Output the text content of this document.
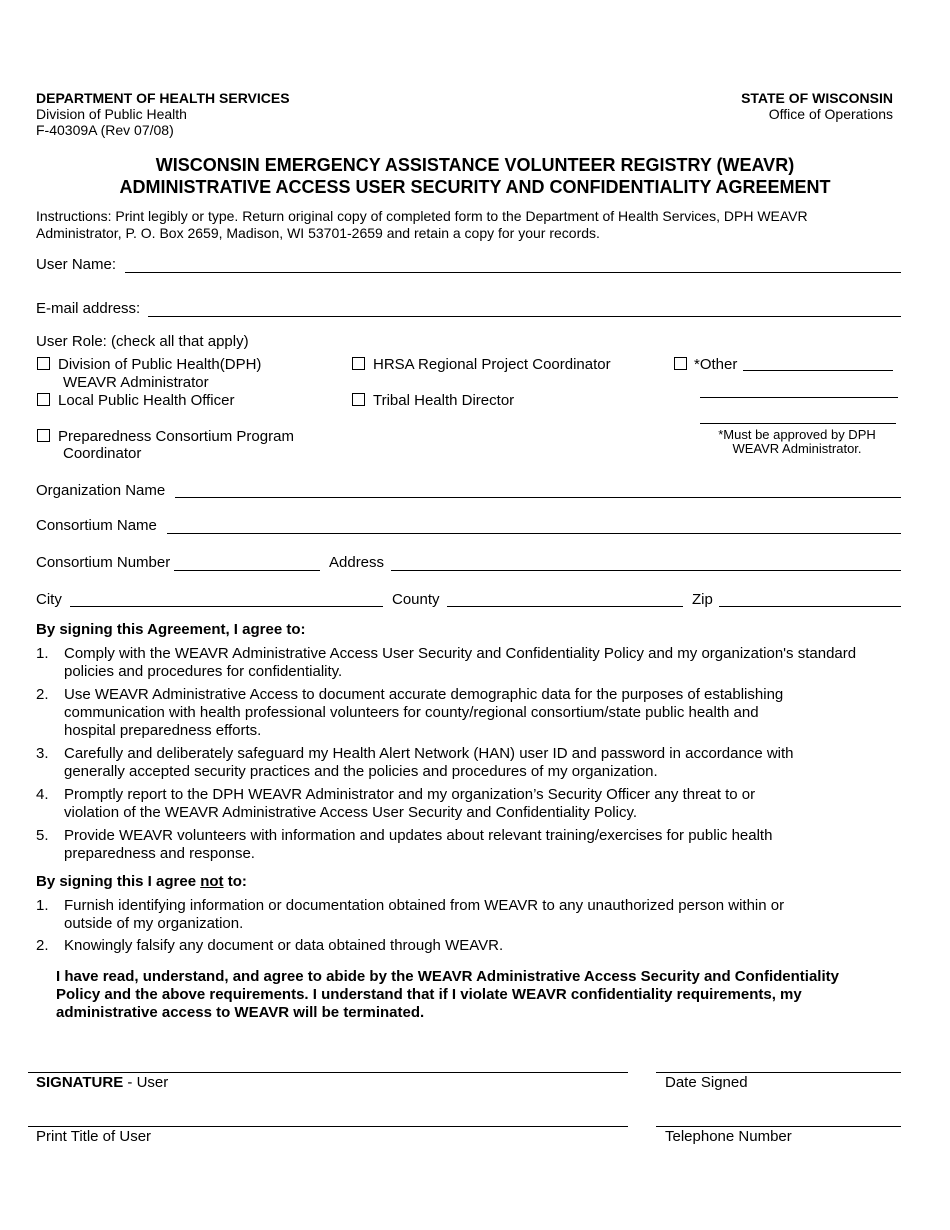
DEPARTMENT OF HEALTH SERVICES
Division of Public Health
F-40309A (Rev 07/08)
STATE OF WISCONSIN
Office of Operations
WISCONSIN EMERGENCY ASSISTANCE VOLUNTEER REGISTRY (WEAVR)
ADMINISTRATIVE ACCESS USER SECURITY AND CONFIDENTIALITY AGREEMENT
Instructions: Print legibly or type. Return original copy of completed form to the Department of Health Services, DPH WEAVR
Administrator, P. O. Box 2659, Madison, WI 53701-2659 and retain a copy for your records.
User Name:
E-mail address:
User Role: (check all that apply)
Division of Public Health(DPH)
WEAVR Administrator
Local Public Health Officer
Preparedness Consortium Program
Coordinator
HRSA Regional Project Coordinator
Tribal Health Director
*Other
*Must be approved by DPH
WEAVR Administrator.
Organization Name
Consortium Name
Consortium Number	Address
City	County	Zip
By signing this Agreement, I agree to:
1. Comply with the WEAVR Administrative Access User Security and Confidentiality Policy and my organization's standard
policies and procedures for confidentiality.
2. Use WEAVR Administrative Access to document accurate demographic data for the purposes of establishing
communication with health professional volunteers for county/regional consortium/state public health and
hospital preparedness efforts.
3. Carefully and deliberately safeguard my Health Alert Network (HAN) user ID and password in accordance with
generally accepted security practices and the policies and procedures of my organization.
4. Promptly report to the DPH WEAVR Administrator and my organization’s Security Officer any threat to or
violation of the WEAVR Administrative Access User Security and Confidentiality Policy.
5. Provide WEAVR volunteers with information and updates about relevant training/exercises for public health
preparedness and response.
By signing this I agree not to:
1. Furnish identifying information or documentation obtained from WEAVR to any unauthorized person within or
outside of my organization.
2. Knowingly falsify any document or data obtained through WEAVR.
I have read, understand, and agree to abide by the WEAVR Administrative Access Security and Confidentiality
Policy and the above requirements. I understand that if I violate WEAVR confidentiality requirements, my
administrative access to WEAVR will be terminated.
SIGNATURE - User	Date Signed
Print Title of User	Telephone Number
